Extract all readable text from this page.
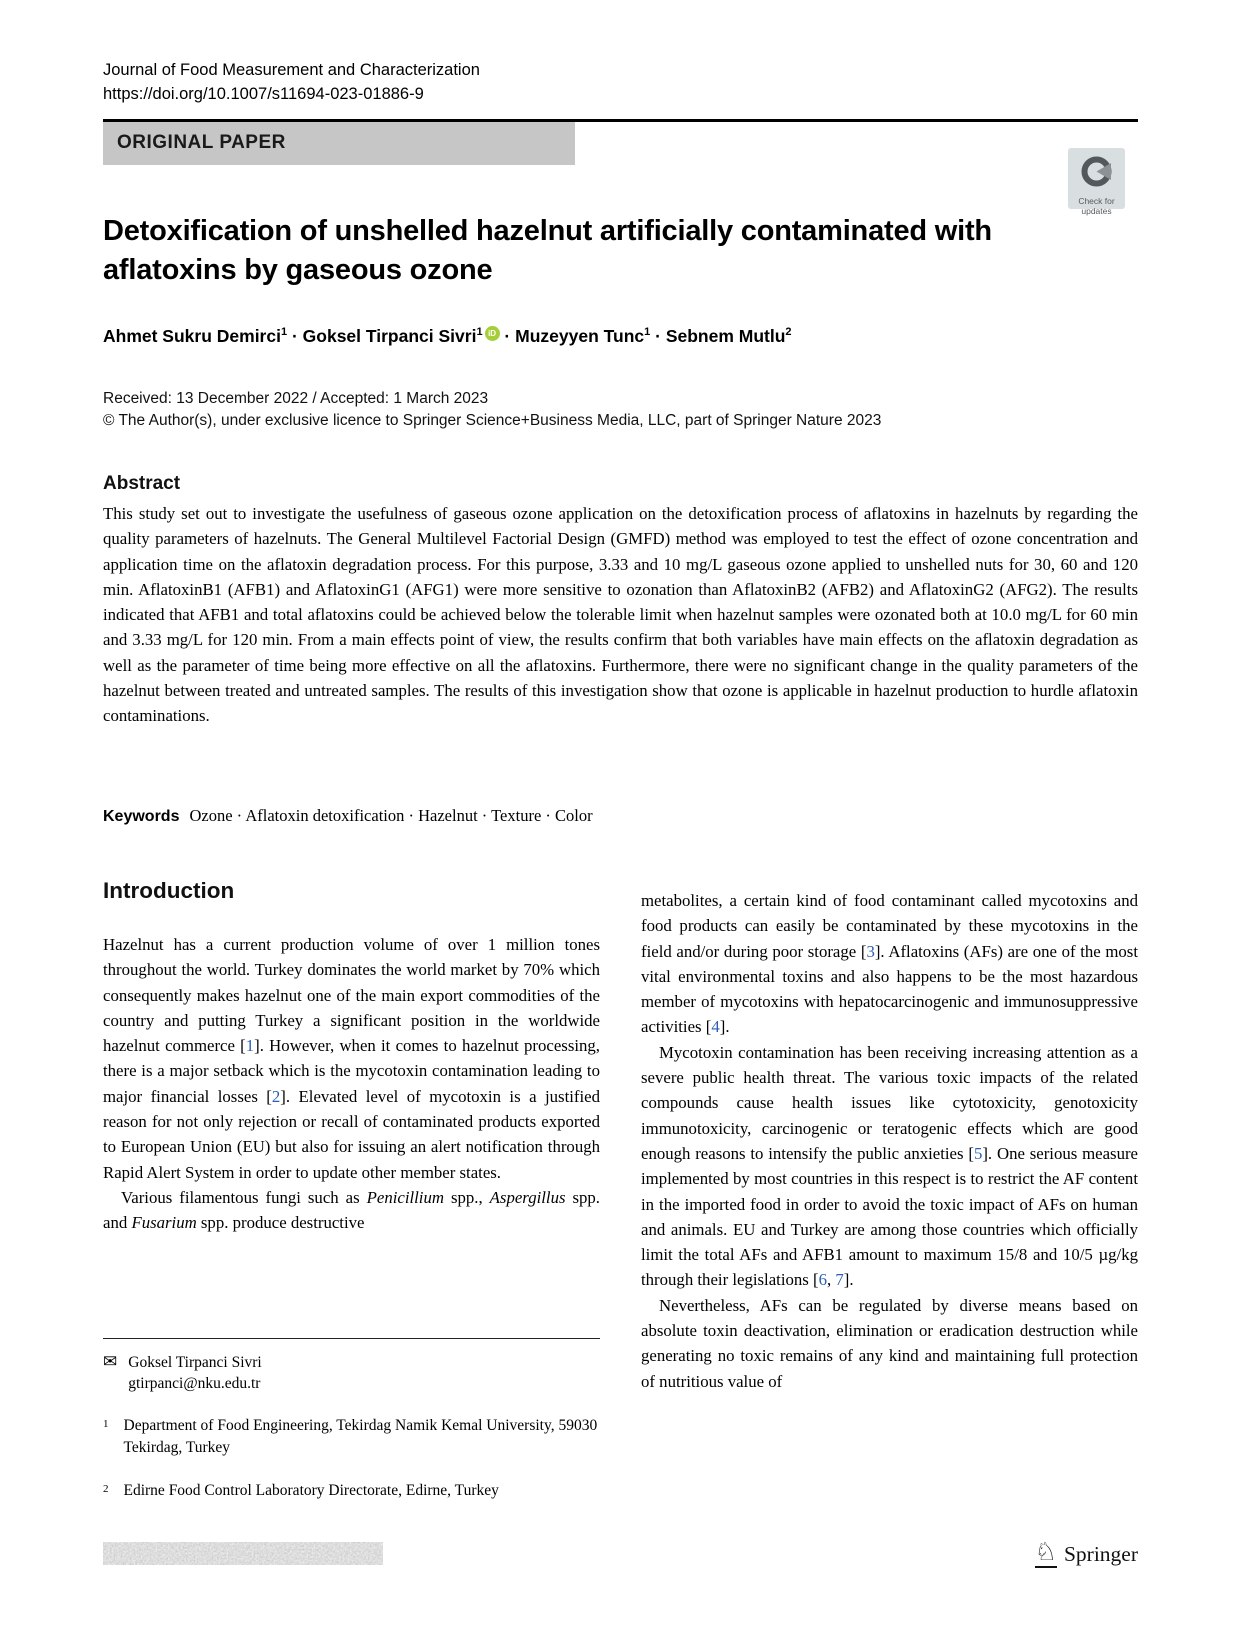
Journal of Food Measurement and Characterization
https://doi.org/10.1007/s11694-023-01886-9
ORIGINAL PAPER
Check for
updates
Detoxification of unshelled hazelnut artificially contaminated with aflatoxins by gaseous ozone
Ahmet Sukru Demirci$^1$ · Goksel Tirpanci Sivri$^1$ iD · Muzeyyen Tunc$^1$ · Sebnem Mutlu$^2$
Received: 13 December 2022 / Accepted: 1 March 2023
© The Author(s), under exclusive licence to Springer Science+Business Media, LLC, part of Springer Nature 2023
Abstract

This study set out to investigate the usefulness of gaseous ozone application on the detoxification process of aflatoxins in hazelnuts by regarding the quality parameters of hazelnuts. The General Multilevel Factorial Design (GMFD) method was employed to test the effect of ozone concentration and application time on the aflatoxin degradation process. For this purpose, 3.33 and 10 mg/L gaseous ozone applied to unshelled nuts for 30, 60 and 120 min. AflatoxinB1 (AFB1) and AflatoxinG1 (AFG1) were more sensitive to ozonation than AflatoxinB2 (AFB2) and AflatoxinG2 (AFG2). The results indicated that AFB1 and total aflatoxins could be achieved below the tolerable limit when hazelnut samples were ozonated both at 10.0 mg/L for 60 min and 3.33 mg/L for 120 min. From a main effects point of view, the results confirm that both variables have main effects on the aflatoxin degradation as well as the parameter of time being more effective on all the aflatoxins. Furthermore, there were no significant change in the quality parameters of the hazelnut between treated and untreated samples. The results of this investigation show that ozone is applicable in hazelnut production to hurdle aflatoxin contaminations.

Keywords Ozone · Aflatoxin detoxification · Hazelnut · Texture · Color

Introduction

Hazelnut has a current production volume of over 1 million tones throughout the world. Turkey dominates the world market by 70% which consequently makes hazelnut one of the main export commodities of the country and putting Turkey a significant position in the worldwide hazelnut commerce [1]. However, when it comes to hazelnut processing, there is a major setback which is the mycotoxin contamination leading to major financial losses [2]. Elevated level of mycotoxin is a justified reason for not only rejection or recall of contaminated products exported to European Union (EU) but also for issuing an alert notification through Rapid Alert System in order to update other member states.

Various filamentous fungi such as Penicillium spp., Aspergillus spp. and Fusarium spp. produce destructive

metabolites, a certain kind of food contaminant called mycotoxins and food products can easily be contaminated by these mycotoxins in the field and/or during poor storage [3]. Aflatoxins (AFs) are one of the most vital environmental toxins and also happens to be the most hazardous member of mycotoxins with hepatocarcinogenic and immunosuppressive activities [4].

Mycotoxin contamination has been receiving increasing attention as a severe public health threat. The various toxic impacts of the related compounds cause health issues like cytotoxicity, genotoxicity immunotoxicity, carcinogenic or teratogenic effects which are good enough reasons to intensify the public anxieties [5]. One serious measure implemented by most countries in this respect is to restrict the AF content in the imported food in order to avoid the toxic impact of AFs on human and animals. EU and Turkey are among those countries which officially limit the total AFs and AFB1 amount to maximum 15/8 and 10/5 µg/kg through their legislations [6, 7].

Nevertheless, AFs can be regulated by diverse means based on absolute toxin deactivation, elimination or eradication destruction while generating no toxic remains of any kind and maintaining full protection of nutritious value of

✉ Goksel Tirpanci Sivri
gtirpanci@nku.edu.tr
1 Department of Food Engineering, Tekirdag Namik Kemal University, 59030 Tekirdag, Turkey
2 Edirne Food Control Laboratory Directorate, Edirne, Turkey
♘ Springer
